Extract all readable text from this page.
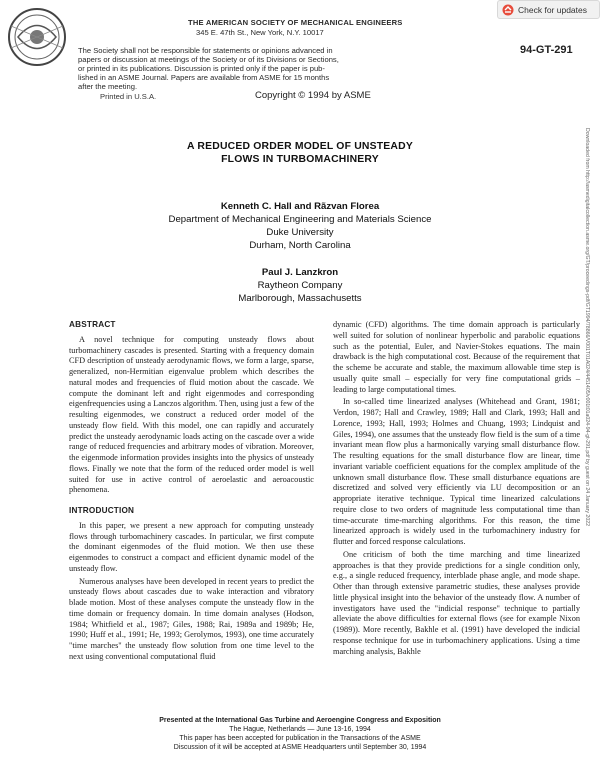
THE AMERICAN SOCIETY OF MECHANICAL ENGINEERS
345 E. 47th St., New York, N.Y. 10017
The Society shall not be responsible for statements or opinions advanced in
papers or discussion at meetings of the Society or of its Divisions or Sections,
or printed in its publications. Discussion is printed only if the paper is pub-
lished in an ASME Journal. Papers are available from ASME for 15 months
after the meeting.
Printed in U.S.A.	Copyright © 1994 by ASME
94-GT-291
Check for updates
Downloaded from http://asmedigitalcollection.asme.org/GT/proceedings-pdf/GT1994/78866/V001T01A024/4451405/v001t01a024-94-gt-291.pdf by guest on 24 January 2022
A REDUCED ORDER MODEL OF UNSTEADY
FLOWS IN TURBOMACHINERY
Kenneth C. Hall and Rãzvan Florea
Department of Mechanical Engineering and Materials Science
Duke University
Durham, North Carolina
Paul J. Lanzkron
Raytheon Company
Marlborough, Massachusetts
ABSTRACT

A novel technique for computing unsteady flows about turbomachinery cascades is presented. Starting with a frequency domain CFD description of unsteady aerodynamic flows, we form a large, sparse, generalized, non-Hermitian eigenvalue problem which describes the natural modes and frequencies of fluid motion about the cascade. We compute the dominant left and right eigenmodes and corresponding eigenfrequencies using a Lanczos algorithm. Then, using just a few of the resulting eigenmodes, we construct a reduced order model of the unsteady flow field. With this model, one can rapidly and accurately predict the unsteady aerodynamic loads acting on the cascade over a wide range of reduced frequencies and arbitrary modes of vibration. Moreover, the eigenmode information provides insights into the physics of unsteady flows. Finally we note that the form of the reduced order model is well suited for use in active control of aeroelastic and aeroacoustic phenomena.

INTRODUCTION

In this paper, we present a new approach for computing unsteady flows through turbomachinery cascades. In particular, we first compute the dominant eigenmodes of the fluid motion. We then use these eigenmodes to construct a compact and efficient dynamic model of the unsteady flow.

Numerous analyses have been developed in recent years to predict the unsteady flows about cascades due to wake interaction and vibratory blade motion. Most of these analyses compute the unsteady flow in the time domain or frequency domain. In time domain analyses (Hodson, 1984; Whitfield et al., 1987; Giles, 1988; Rai, 1989a and 1989b; He, 1990; Huff et al., 1991; He, 1993; Gerolymos, 1993), one time accurately "time marches" the unsteady flow solution from one time level to the next using conventional computational fluid

dynamic (CFD) algorithms. The time domain approach is particularly well suited for solution of nonlinear hyperbolic and parabolic equations such as the potential, Euler, and Navier-Stokes equations. The main drawback is the high computational cost. Because of the requirement that the scheme be accurate and stable, the maximum allowable time step is usually quite small – especially for very fine computational grids – leading to large computational times.

In so-called time linearized analyses (Whitehead and Grant, 1981; Verdon, 1987; Hall and Crawley, 1989; Hall and Clark, 1993; Hall and Lorence, 1993; Hall, 1993; Holmes and Chuang, 1993; Lindquist and Giles, 1994), one assumes that the unsteady flow field is the sum of a time invariant mean flow plus a harmonically varying small disturbance flow. The resulting equations for the small disturbance flow are linear, time invariant variable coefficient equations for the complex amplitude of the unknown small disturbance flow. These small disturbance equations are discretized and solved very efficiently via LU decomposition or an appropriate iterative technique. Typical time linearized calculations require close to two orders of magnitude less computational time than time-accurate time-marching algorithms. For this reason, the time linearized approach is widely used in the turbomachinery industry for flutter and forced response calculations.

One criticism of both the time marching and time linearized approaches is that they provide predictions for a single condition only, e.g., a single reduced frequency, interblade phase angle, and mode shape. Other than through extensive parametric studies, these analyses provide little physical insight into the behavior of the unsteady flow. A number of investigators have used the "indicial response" technique to partially alleviate the above difficulties for external flows (see for example Nixon (1989)). More recently, Bakhle et al. (1991) have developed the indicial response technique for use in turbomachinery applications. Using a time marching analysis, Bakhle

Presented at the International Gas Turbine and Aeroengine Congress and Exposition
The Hague, Netherlands — June 13-16, 1994
This paper has been accepted for publication in the Transactions of the ASME
Discussion of it will be accepted at ASME Headquarters until September 30, 1994
